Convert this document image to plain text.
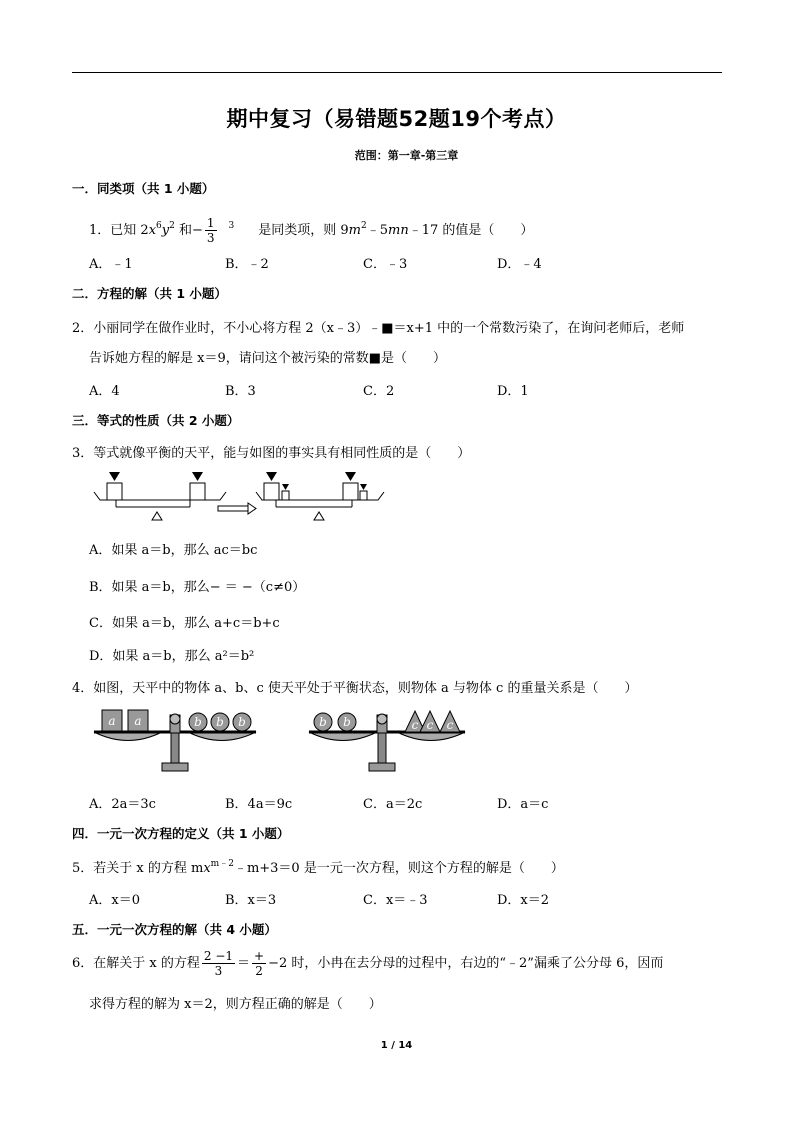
期中复习（易错题52题19个考点）
范围：第一章-第三章
一．同类项（共 1 小题）
1．已知 $2x^6y^2$ 和− $\frac{1}{3} ^3$ 是同类项，则 $9m^2﹣5mn﹣17$ 的值是（　　）
A．﹣1	B．﹣2	C．﹣3	D．﹣4
二．方程的解（共 1 小题）
2．小丽同学在做作业时，不小心将方程 2（x﹣3）﹣■＝x+1 中的一个常数污染了，在询问老师后，老师
告诉她方程的解是 x＝9，请问这个被污染的常数■是（　　）
A．4	B．3	C．2	D．1
三．等式的性质（共 2 小题）
3．等式就像平衡的天平，能与如图的事实具有相同性质的是（　　）
A．如果 a＝b，那么 ac＝bc
B．如果 a＝b，那么− ＝ −（c≠0）
C．如果 a＝b，那么 a+c＝b+c
D．如果 a＝b，那么 a²＝b²
4．如图，天平中的物体 a、b、c 使天平处于平衡状态，则物体 a 与物体 c 的重量关系是（　　）
a a	b b b	b b	c c c
A．2a＝3c	B．4a＝9c	C．a＝2c	D．a＝c
四．一元一次方程的定义（共 1 小题）
5．若关于 x 的方程 $mx^{m﹣2}﹣m+3=0$ 是一元一次方程，则这个方程的解是（　　）
A．x＝0	B．x＝3	C．x＝﹣3	D．x＝2
五．一元一次方程的解（共 4 小题）
6．在解关于 x 的方程 $\frac{2 -1}{3} = \frac{+}{2} -2$ 时，小冉在去分母的过程中，右边的“﹣2”漏乘了公分母 6，因而
求得方程的解为 x＝2，则方程正确的解是（　　）
1 / 14
